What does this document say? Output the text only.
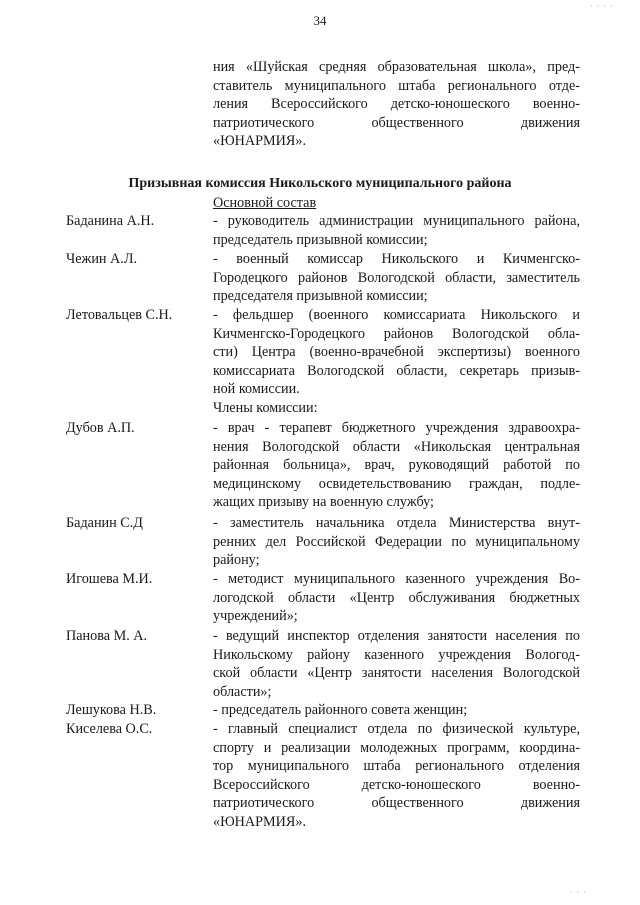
· · · ·
34
ния «Шуйская средняя образовательная школа», пред-
ставитель муниципального штаба регионального отде-
ления Всероссийского детско-юношеского военно-
патриотического общественного движения
«ЮНАРМИЯ».
Призывная комиссия Никольского муниципального района
Основной состав
Баданина А.Н.	- руководитель администрации муниципального района,
председатель призывной комиссии;
Чежин А.Л.	- военный комиссар Никольского и Кичменгско-
Городецкого районов Вологодской области, заместитель
председателя призывной комиссии;
Летовальцев С.Н.	- фельдшер (военного комиссариата Никольского и
Кичменгско-Городецкого районов Вологодской обла-
сти) Центра (военно-врачебной экспертизы) военного
комиссариата Вологодской области, секретарь призыв-
ной комиссии.
Члены комиссии:
Дубов А.П.	- врач - терапевт бюджетного учреждения здравоохра-
нения Вологодской области «Никольская центральная
районная больница», врач, руководящий работой по
медицинскому освидетельствованию граждан, подле-
жащих призыву на военную службу;
Баданин С.Д	- заместитель начальника отдела Министерства внут-
ренних дел Российской Федерации по муниципальному
району;
Игошева М.И.	- методист муниципального казенного учреждения Во-
логодской области «Центр обслуживания бюджетных
учреждений»;
Панова М. А.	- ведущий инспектор отделения занятости населения по
Никольскому району казенного учреждения Вологод-
ской области «Центр занятости населения Вологодской
области»;
Лешукова Н.В.	- председатель районного совета женщин;
Киселева О.С.	- главный специалист отдела по физической культуре,
спорту и реализации молодежных программ, координа-
тор муниципального штаба регионального отделения
Всероссийского детско-юношеского военно-
патриотического общественного движения
«ЮНАРМИЯ».
· · ·
